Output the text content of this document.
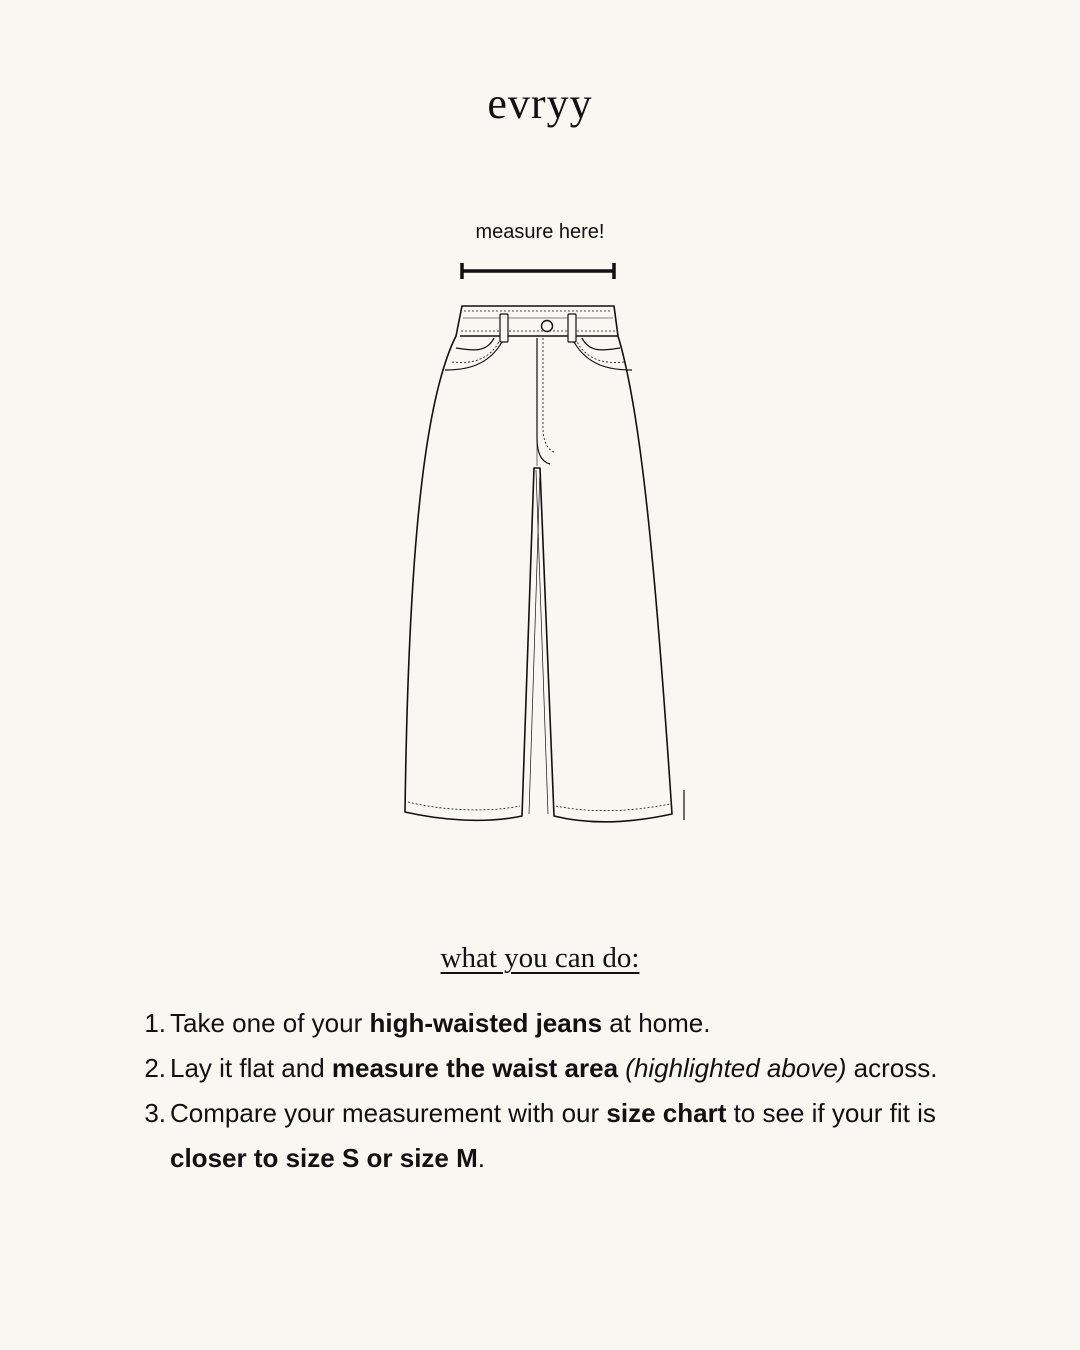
evryy
measure here!
what you can do:
1. Take one of your high-waisted jeans at home.
2. Lay it flat and measure the waist area (highlighted above) across.
3. Compare your measurement with our size chart to see if your fit is closer to size S or size M.
